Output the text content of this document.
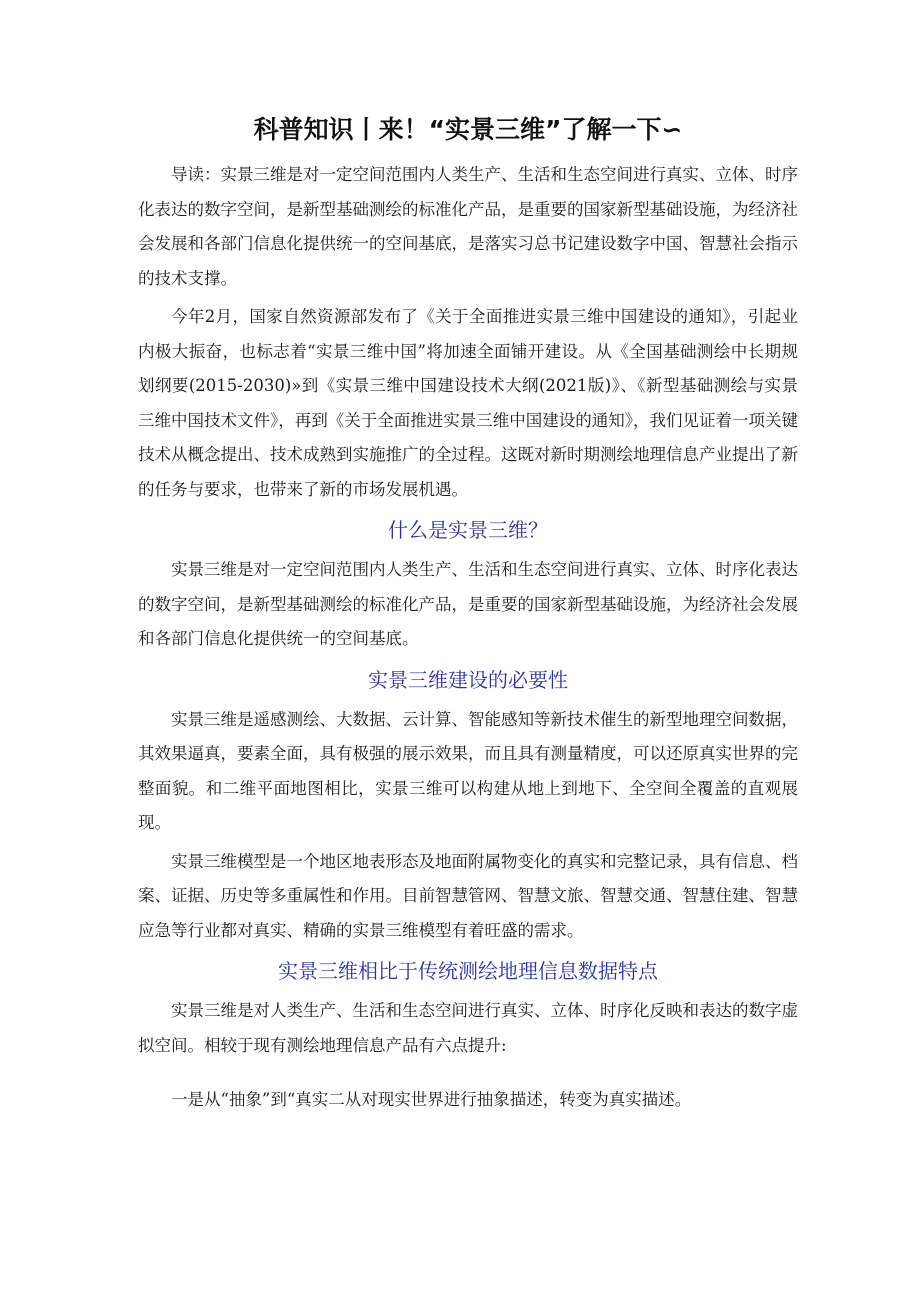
科普知识丨来！“实景三维”了解一下∽

导读：实景三维是对一定空间范围内人类生产、生活和生态空间进行真实、立体、时序化表达的数字空间，是新型基础测绘的标准化产品，是重要的国家新型基础设施，为经济社会发展和各部门信息化提供统一的空间基底，是落实习总书记建设数字中国、智慧社会指示的技术支撑。

今年2月，国家自然资源部发布了《关于全面推进实景三维中国建设的通知》，引起业内极大振奋，也标志着“实景三维中国”将加速全面铺开建设。从《全国基础测绘中长期规划纲要(2015-2030)»到《实景三维中国建设技术大纲(2021版)》、《新型基础测绘与实景三维中国技术文件》，再到《关于全面推进实景三维中国建设的通知》，我们见证着一项关键技术从概念提出、技术成熟到实施推广的全过程。这既对新时期测绘地理信息产业提出了新的任务与要求，也带来了新的市场发展机遇。

什么是实景三维？

实景三维是对一定空间范围内人类生产、生活和生态空间进行真实、立体、时序化表达的数字空间，是新型基础测绘的标准化产品，是重要的国家新型基础设施，为经济社会发展和各部门信息化提供统一的空间基底。

实景三维建设的必要性

实景三维是遥感测绘、大数据、云计算、智能感知等新技术催生的新型地理空间数据，其效果逼真，要素全面，具有极强的展示效果，而且具有测量精度，可以还原真实世界的完整面貌。和二维平面地图相比，实景三维可以构建从地上到地下、全空间全覆盖的直观展现。

实景三维模型是一个地区地表形态及地面附属物变化的真实和完整记录，具有信息、档案、证据、历史等多重属性和作用。目前智慧管网、智慧文旅、智慧交通、智慧住建、智慧应急等行业都对真实、精确的实景三维模型有着旺盛的需求。

实景三维相比于传统测绘地理信息数据特点

实景三维是对人类生产、生活和生态空间进行真实、立体、时序化反映和表达的数字虚拟空间。相较于现有测绘地理信息产品有六点提升:

一是从“抽象”到“真实二从对现实世界进行抽象描述，转变为真实描述。
